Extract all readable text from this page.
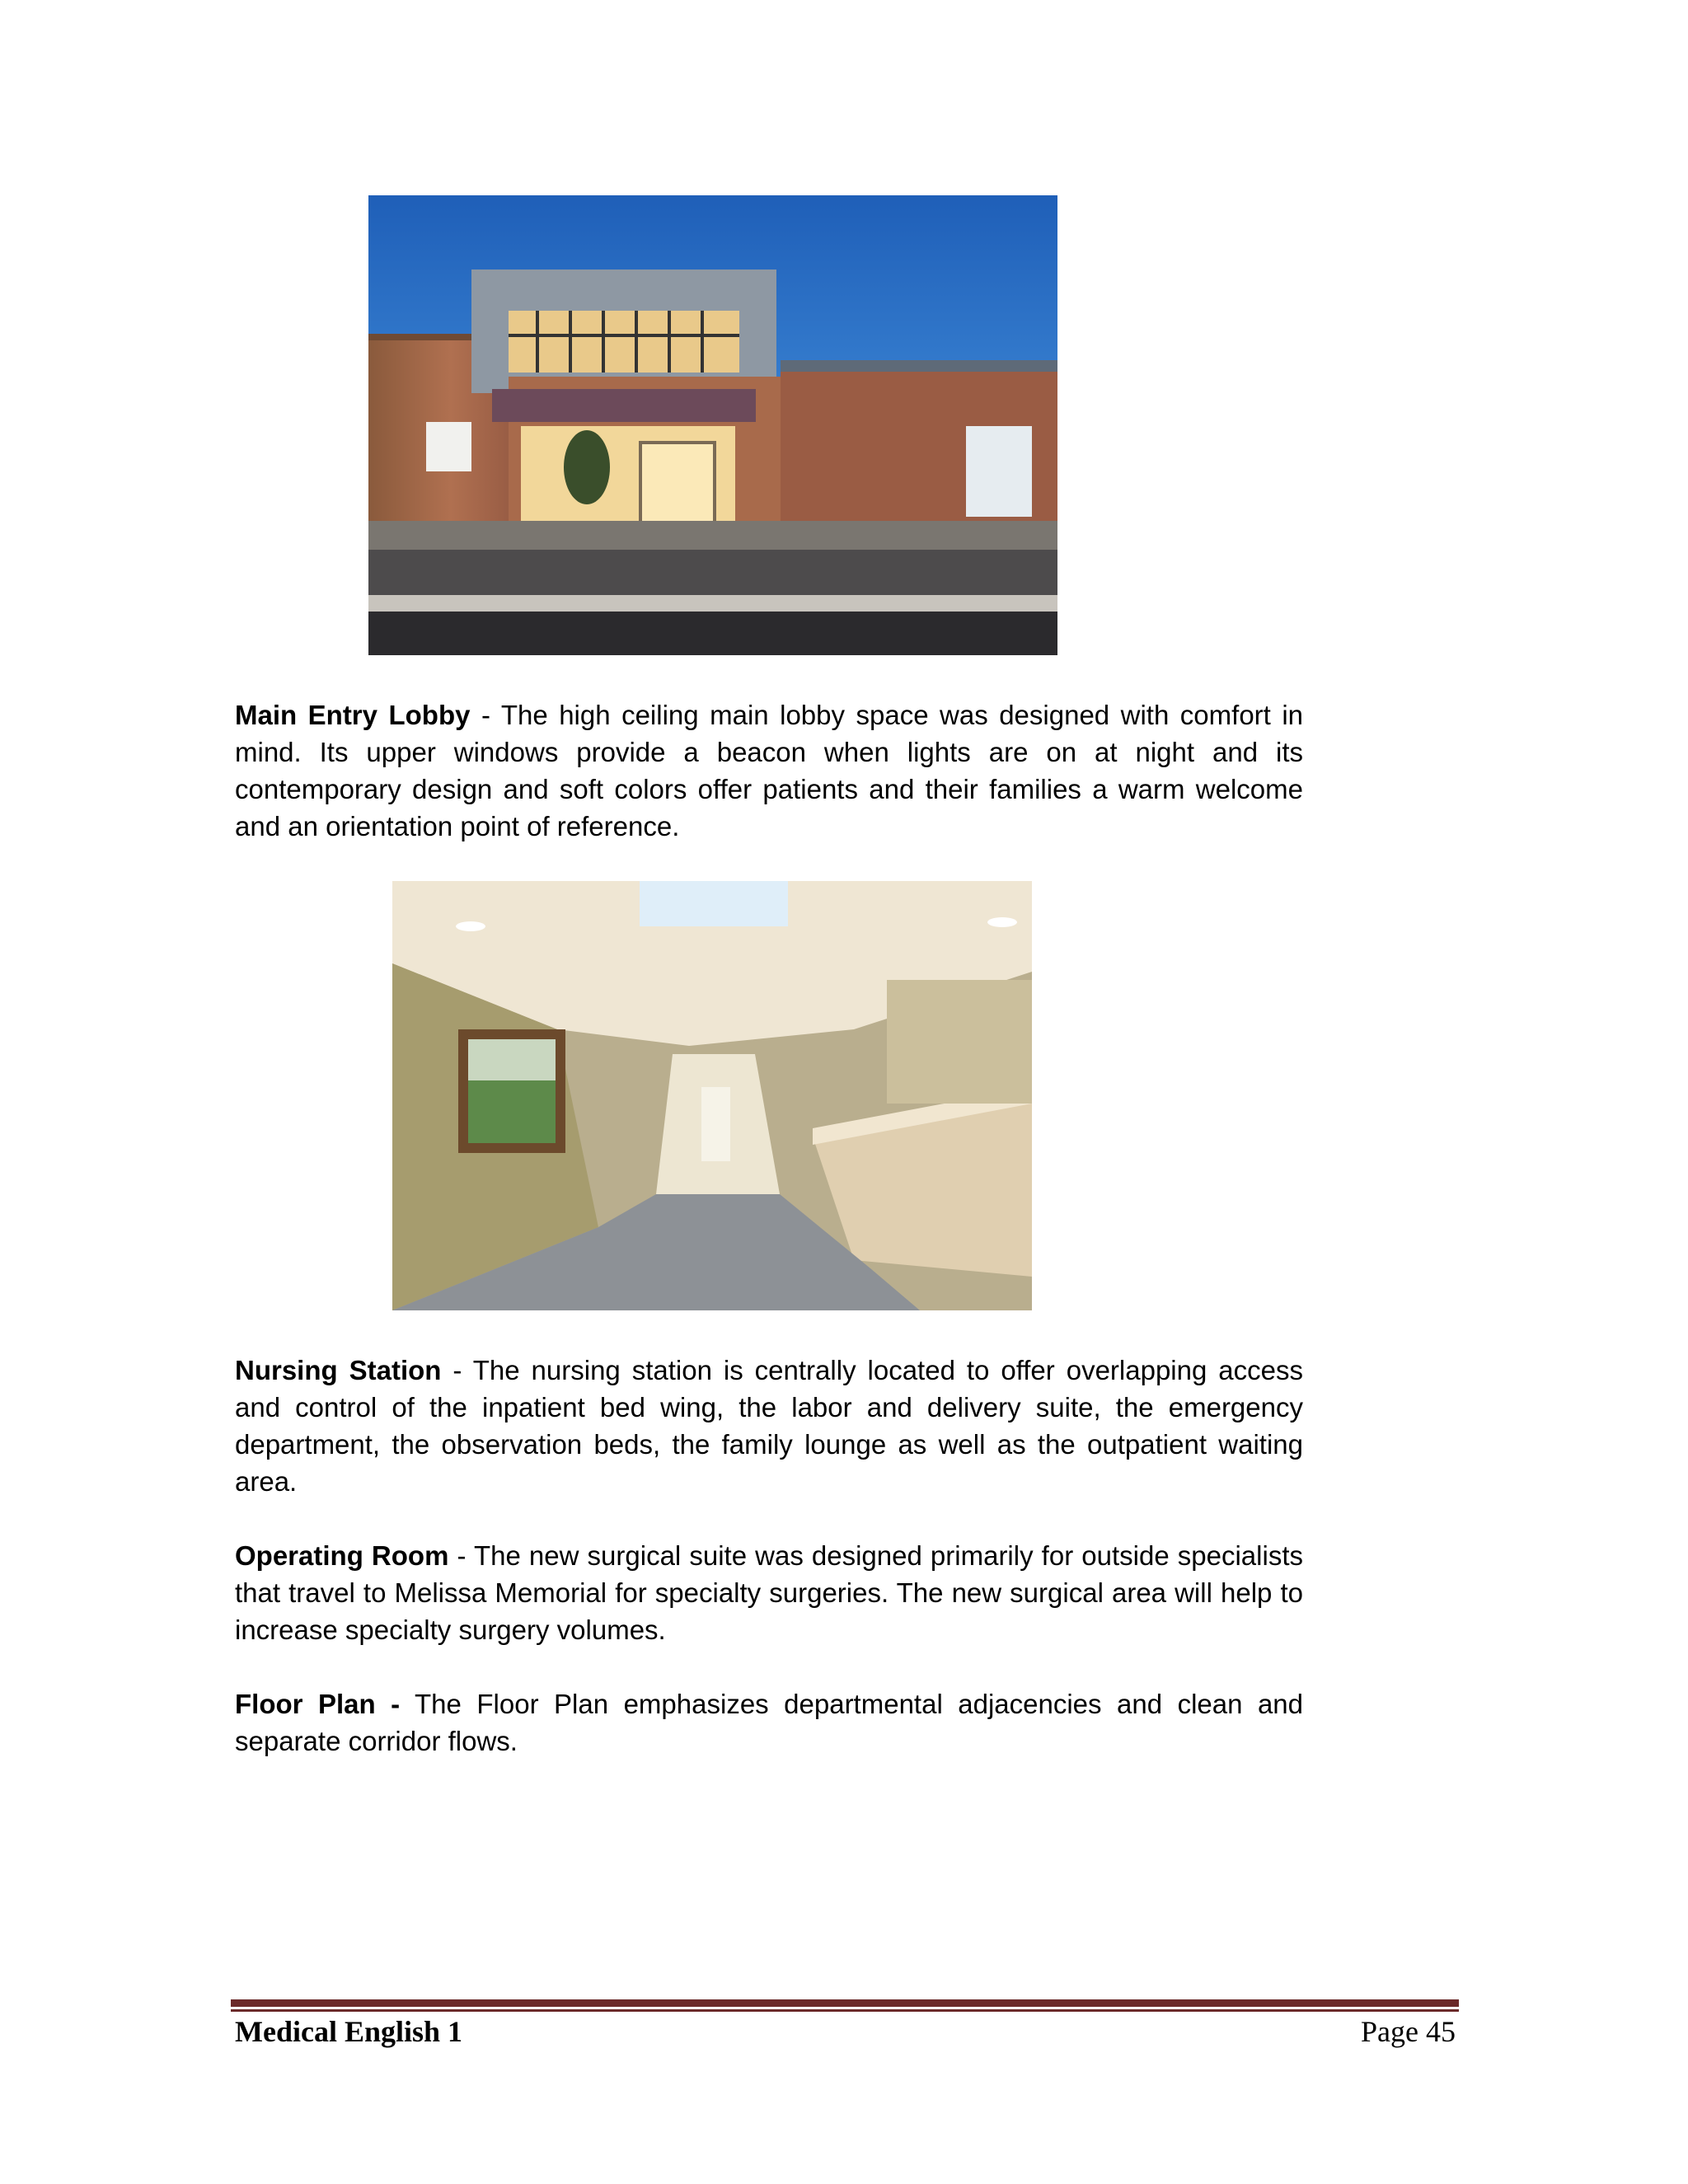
Main Entry Lobby - The high ceiling main lobby space was designed with comfort in mind. Its upper windows provide a beacon when lights are on at night and its contemporary design and soft colors offer patients and their families a warm welcome and an orientation point of reference.

Nursing Station - The nursing station is centrally located to offer overlapping access and control of the inpatient bed wing, the labor and delivery suite, the emergency department, the observation beds, the family lounge as well as the outpatient waiting area.

Operating Room - The new surgical suite was designed primarily for outside specialists that travel to Melissa Memorial for specialty surgeries. The new surgical area will help to increase specialty surgery volumes.

Floor Plan - The Floor Plan emphasizes departmental adjacencies and clean and separate corridor flows.

Medical English 1	Page 45
